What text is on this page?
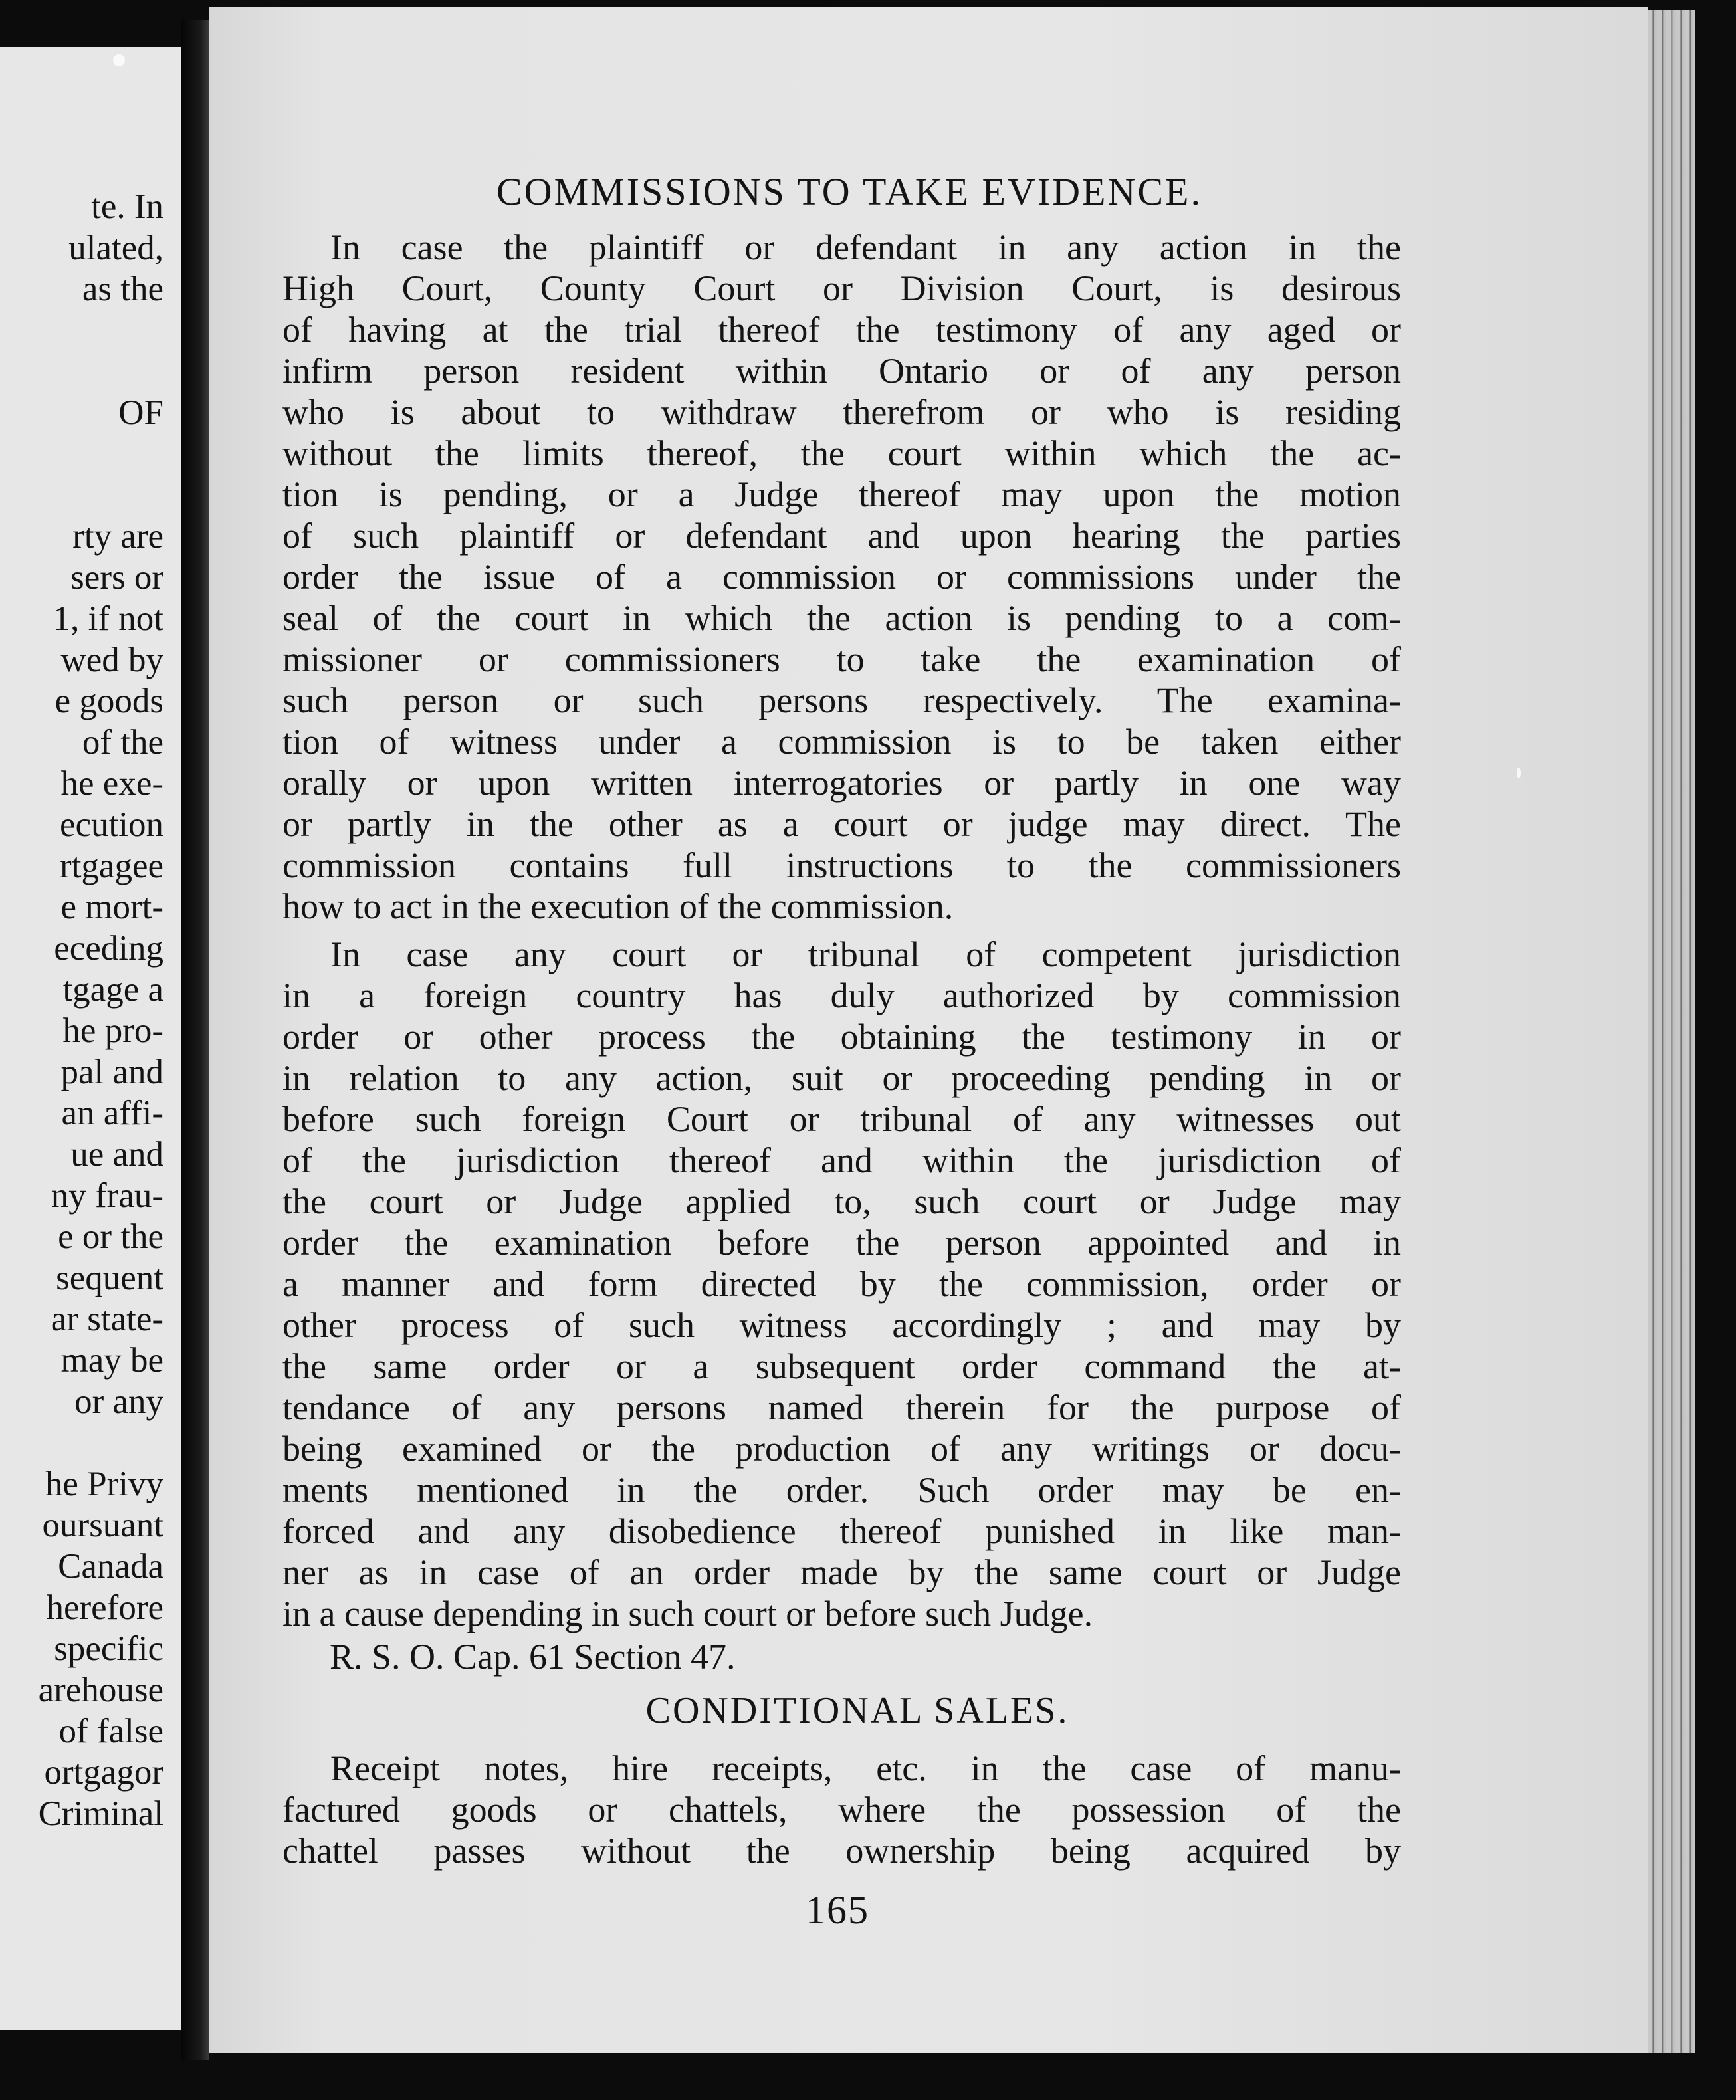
te. In
ulated,
as the
OF
rty are
sers or
1, if not
wed by
e goods
of the
he exe-
ecution
rtgagee
e mort-
eceding
tgage a
he pro-
pal and
an affi-
ue and
ny frau-
e or the
sequent
ar state-
may be
or any
he Privy
oursuant
Canada
herefore
specific
arehouse
of false
ortgagor
Criminal
COMMISSIONS TO TAKE EVIDENCE.
In case the plaintiff or defendant in any action in the
High Court, County Court or Division Court, is desirous
of having at the trial thereof the testimony of any aged or
infirm person resident within Ontario or of any person
who is about to withdraw therefrom or who is residing
without the limits thereof, the court within which the ac-
tion is pending, or a Judge thereof may upon the motion
of such plaintiff or defendant and upon hearing the parties
order the issue of a commission or commissions under the
seal of the court in which the action is pending to a com-
missioner or commissioners to take the examination of
such person or such persons respectively. The examina-
tion of witness under a commission is to be taken either
orally or upon written interrogatories or partly in one way
or partly in the other as a court or judge may direct. The
commission contains full instructions to the commissioners
how to act in the execution of the commission.
In case any court or tribunal of competent jurisdiction
in a foreign country has duly authorized by commission
order or other process the obtaining the testimony in or
in relation to any action, suit or proceeding pending in or
before such foreign Court or tribunal of any witnesses out
of the jurisdiction thereof and within the jurisdiction of
the court or Judge applied to, such court or Judge may
order the examination before the person appointed and in
a manner and form directed by the commission, order or
other process of such witness accordingly ; and may by
the same order or a subsequent order command the at-
tendance of any persons named therein for the purpose of
being examined or the production of any writings or docu-
ments mentioned in the order. Such order may be en-
forced and any disobedience thereof punished in like man-
ner as in case of an order made by the same court or Judge
in a cause depending in such court or before such Judge.
R. S. O. Cap. 61 Section 47.
CONDITIONAL SALES.
Receipt notes, hire receipts, etc. in the case of manu-
factured goods or chattels, where the possession of the
chattel passes without the ownership being acquired by
165
